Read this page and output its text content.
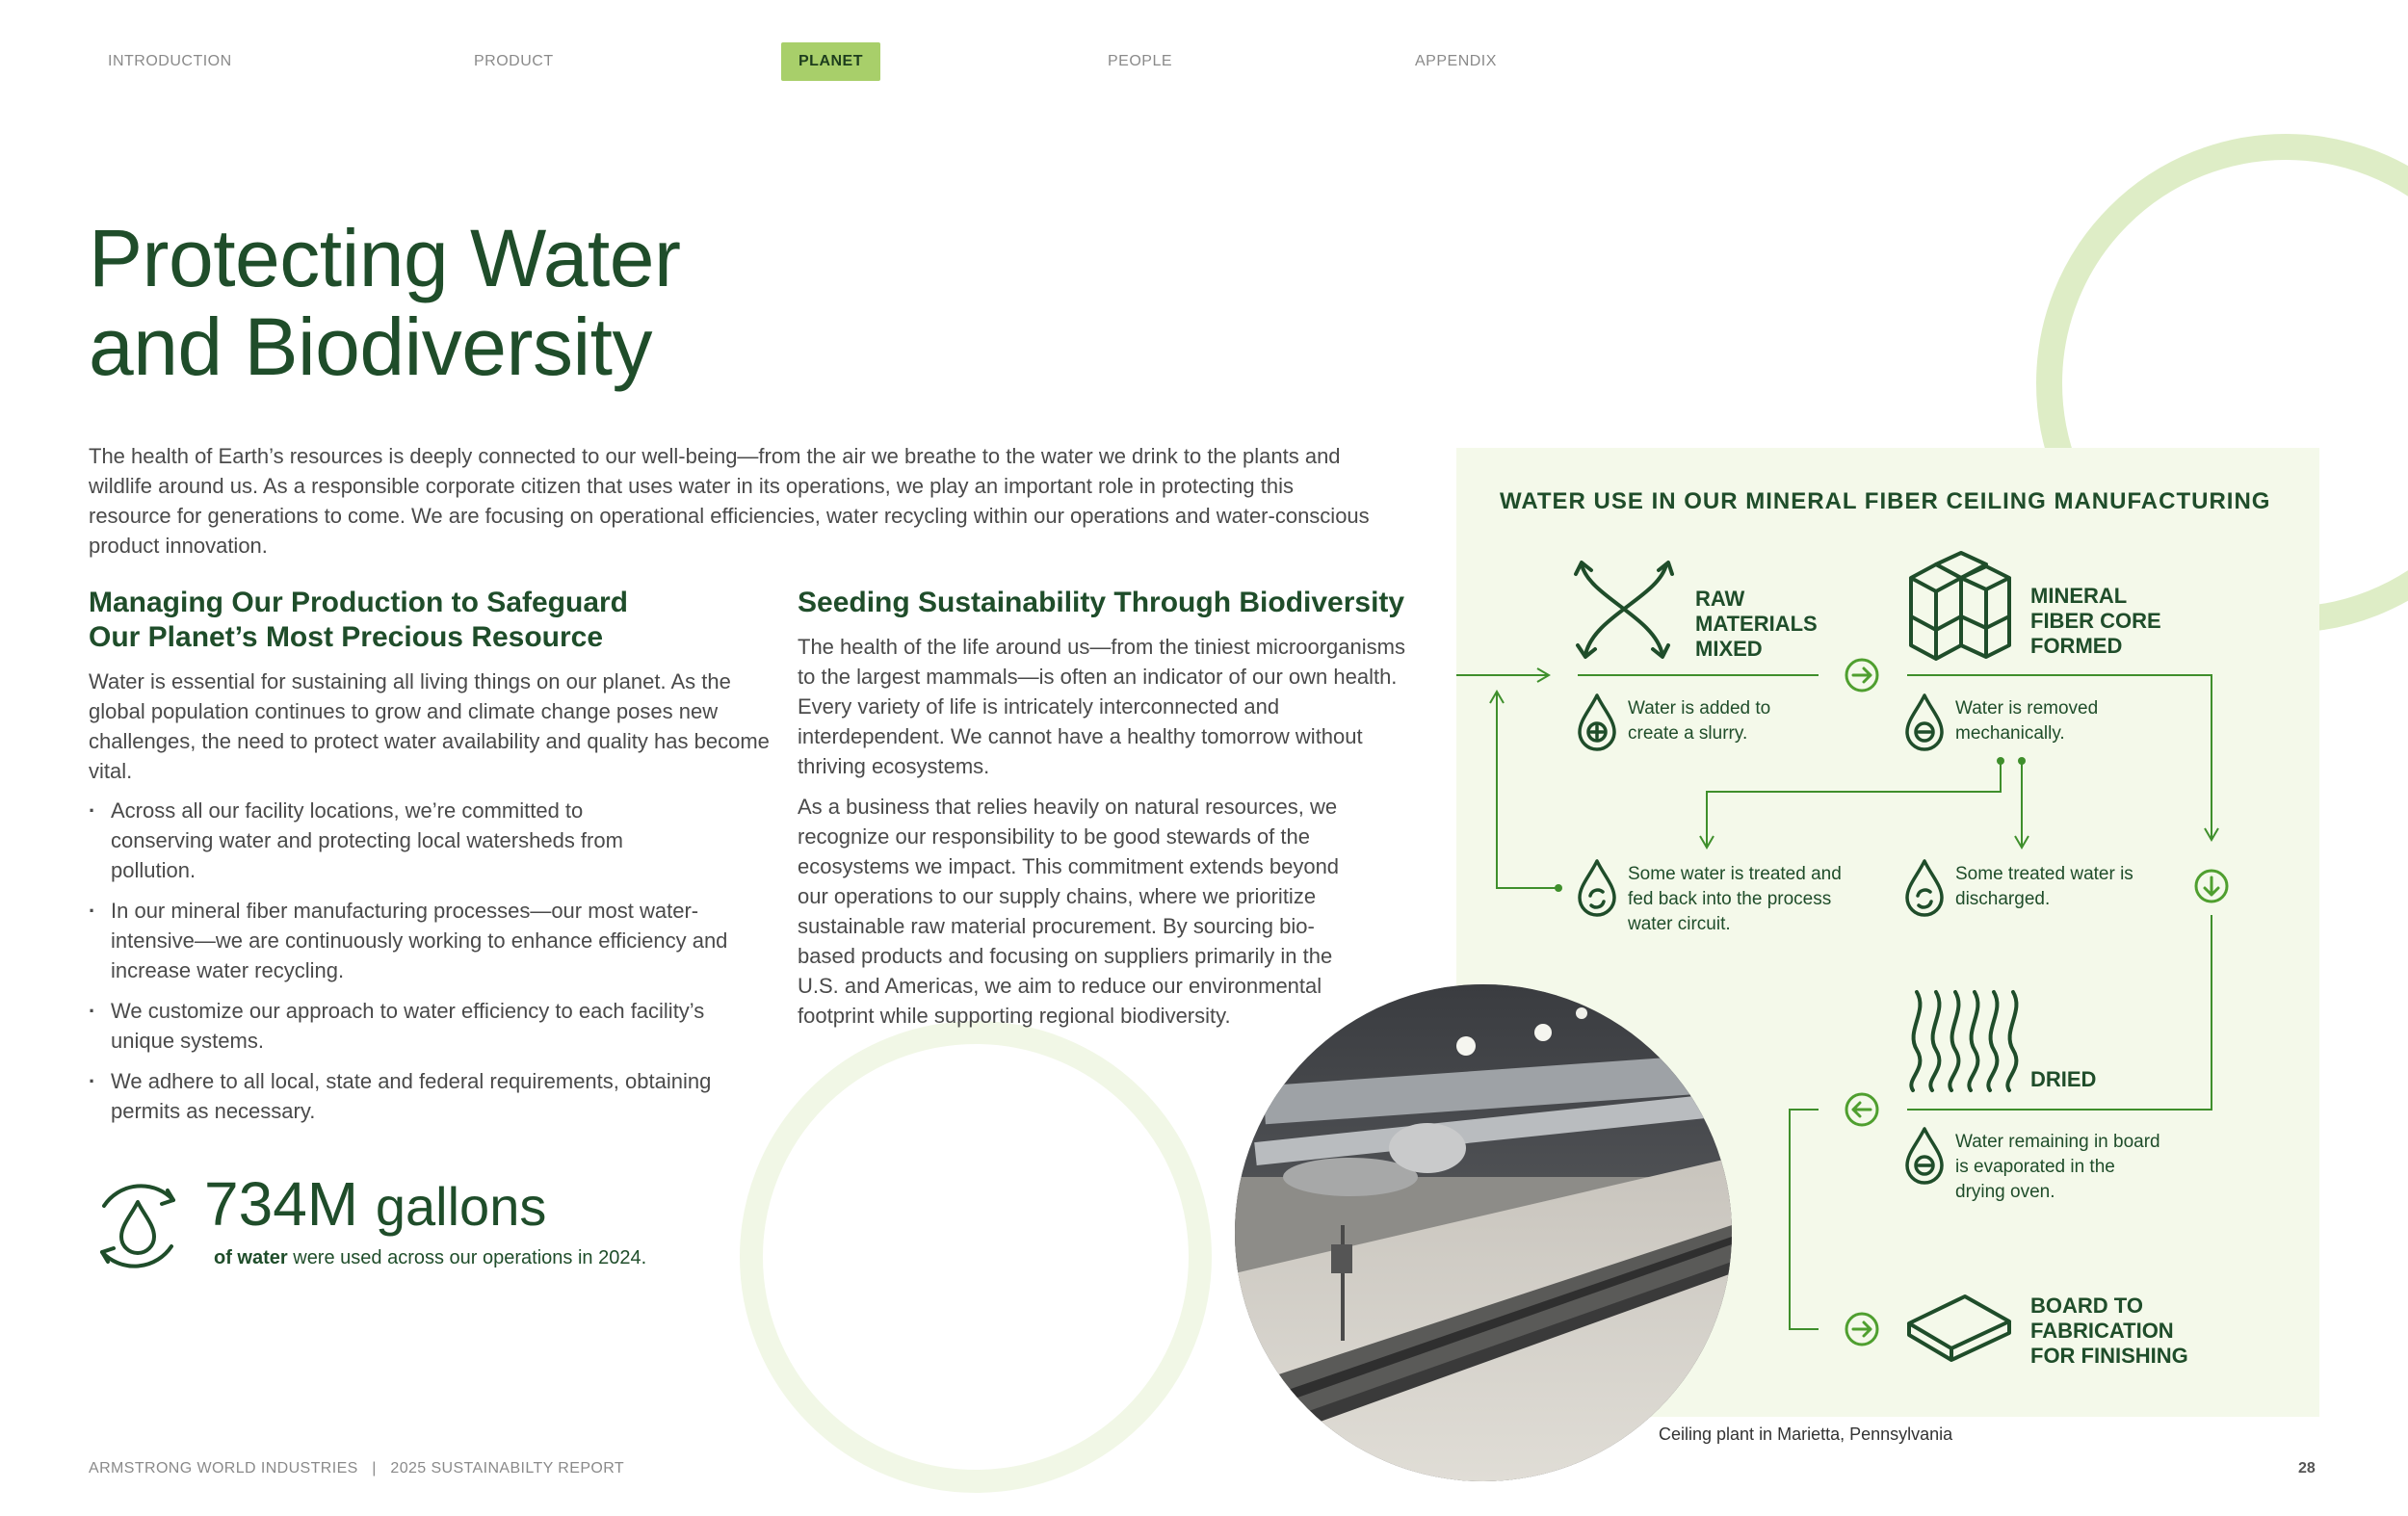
INTRODUCTION	PRODUCT	PLANET	PEOPLE	APPENDIX
Protecting Water
and Biodiversity

The health of Earth’s resources is deeply connected to our well-being—from the air we breathe to the water we drink to the plants and wildlife around us. As a responsible corporate citizen that uses water in its operations, we play an important role in protecting this resource for generations to come. We are focusing on operational efficiencies, water recycling within our operations and water-conscious product innovation.

Managing Our Production to Safeguard
Our Planet’s Most Precious Resource

Water is essential for sustaining all living things on our planet. As the global population continues to grow and climate change poses new challenges, the need to protect water availability and quality has become vital.

· Across all our facility locations, we’re committed to conserving water and protecting local watersheds from pollution.
· In our mineral fiber manufacturing processes—our most water-intensive—we are continuously working to enhance efficiency and increase water recycling.
· We customize our approach to water efficiency to each facility’s unique systems.
· We adhere to all local, state and federal requirements, obtaining permits as necessary.
734M gallons
of water were used across our operations in 2024.
Seeding Sustainability Through Biodiversity

The health of the life around us—from the tiniest microorganisms to the largest mammals—is often an indicator of our own health. Every variety of life is intricately interconnected and interdependent. We cannot have a healthy tomorrow without thriving ecosystems.

As a business that relies heavily on natural resources, we recognize our responsibility to be good stewards of the ecosystems we impact. This commitment extends beyond our operations to our supply chains, where we prioritize sustainable raw material procurement. By sourcing bio-based products and focusing on suppliers primarily in the U.S. and Americas, we aim to reduce our environmental footprint while supporting regional biodiversity.

WATER USE IN OUR MINERAL FIBER CEILING MANUFACTURING
RAW MATERIALS MIXED
MINERAL FIBER CORE FORMED
DRIED
BOARD TO FABRICATION FOR FINISHING
Water is added to create a slurry.
Water is removed mechanically.
Some water is treated and fed back into the process water circuit.
Some treated water is discharged.
Water remaining in board is evaporated in the drying oven.
Ceiling plant in Marietta, Pennsylvania
ARMSTRONG WORLD INDUSTRIES | 2025 SUSTAINABILTY REPORT	28
